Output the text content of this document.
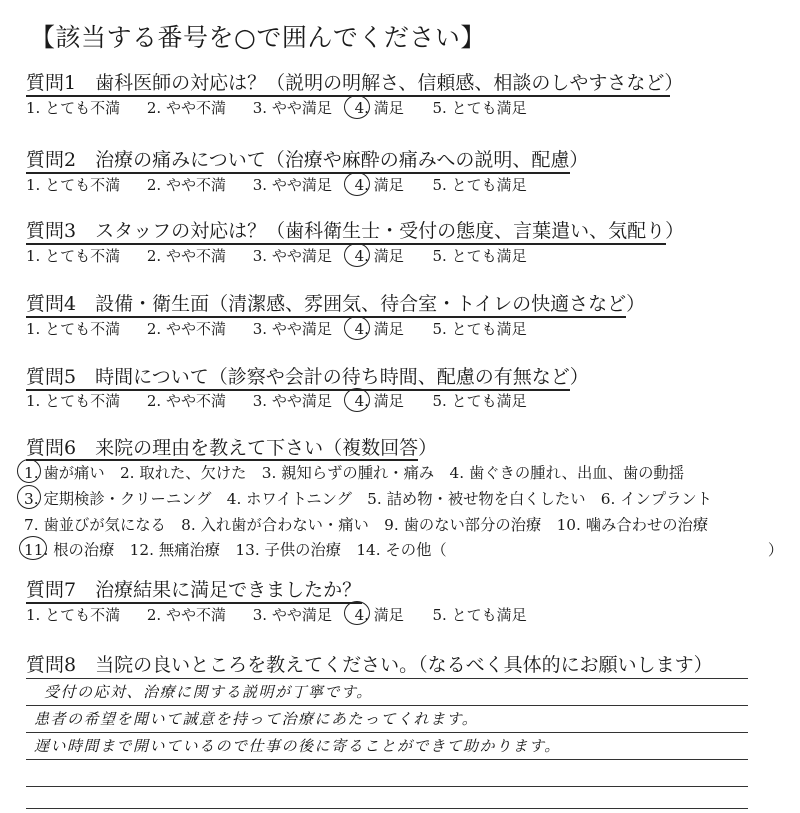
【該当する番号を○で囲んでください】
質問1　歯科医師の対応は？（説明の明解さ、信頼感、相談のしやすさなど）
1. とても不満 2. やや不満 3. やや満足 4. 満足 5. とても満足
質問2　治療の痛みについて（治療や麻酔の痛みへの説明、配慮）
1. とても不満 2. やや不満 3. やや満足 4. 満足 5. とても満足
質問3　スタッフの対応は？（歯科衛生士・受付の態度、言葉遣い、気配り）
1. とても不満 2. やや不満 3. やや満足 4. 満足 5. とても満足
質問4　設備・衛生面（清潔感、雰囲気、待合室・トイレの快適さなど）
1. とても不満 2. やや不満 3. やや満足 4. 満足 5. とても満足
質問5　時間について（診察や会計の待ち時間、配慮の有無など）
1. とても不満 2. やや不満 3. やや満足 4. 満足 5. とても満足
質問6　来院の理由を教えて下さい（複数回答）
1. 歯が痛い　2. 取れた、欠けた　3. 親知らずの腫れ・痛み　4. 歯ぐきの腫れ、出血、歯の動揺
3. 定期検診・クリーニング　4. ホワイトニング　5. 詰め物・被せ物を白くしたい　6. インプラント
7. 歯並びが気になる　8. 入れ歯が合わない・痛い　9. 歯のない部分の治療　10. 噛み合わせの治療
11. 根の治療　12. 無痛治療　13. 子供の治療　14. その他（　　　　　　　　　　　　　　　　　　　　　）
質問7　治療結果に満足できましたか？
1. とても不満 2. やや不満 3. やや満足 4. 満足 5. とても満足
質問8　当院の良いところを教えてください。（なるべく具体的にお願いします）
受付の応対、治療に関する説明が丁寧です。
患者の希望を聞いて誠意を持って治療にあたってくれます。
遅い時間まで開いているので仕事の後に寄ることができて助かります。
